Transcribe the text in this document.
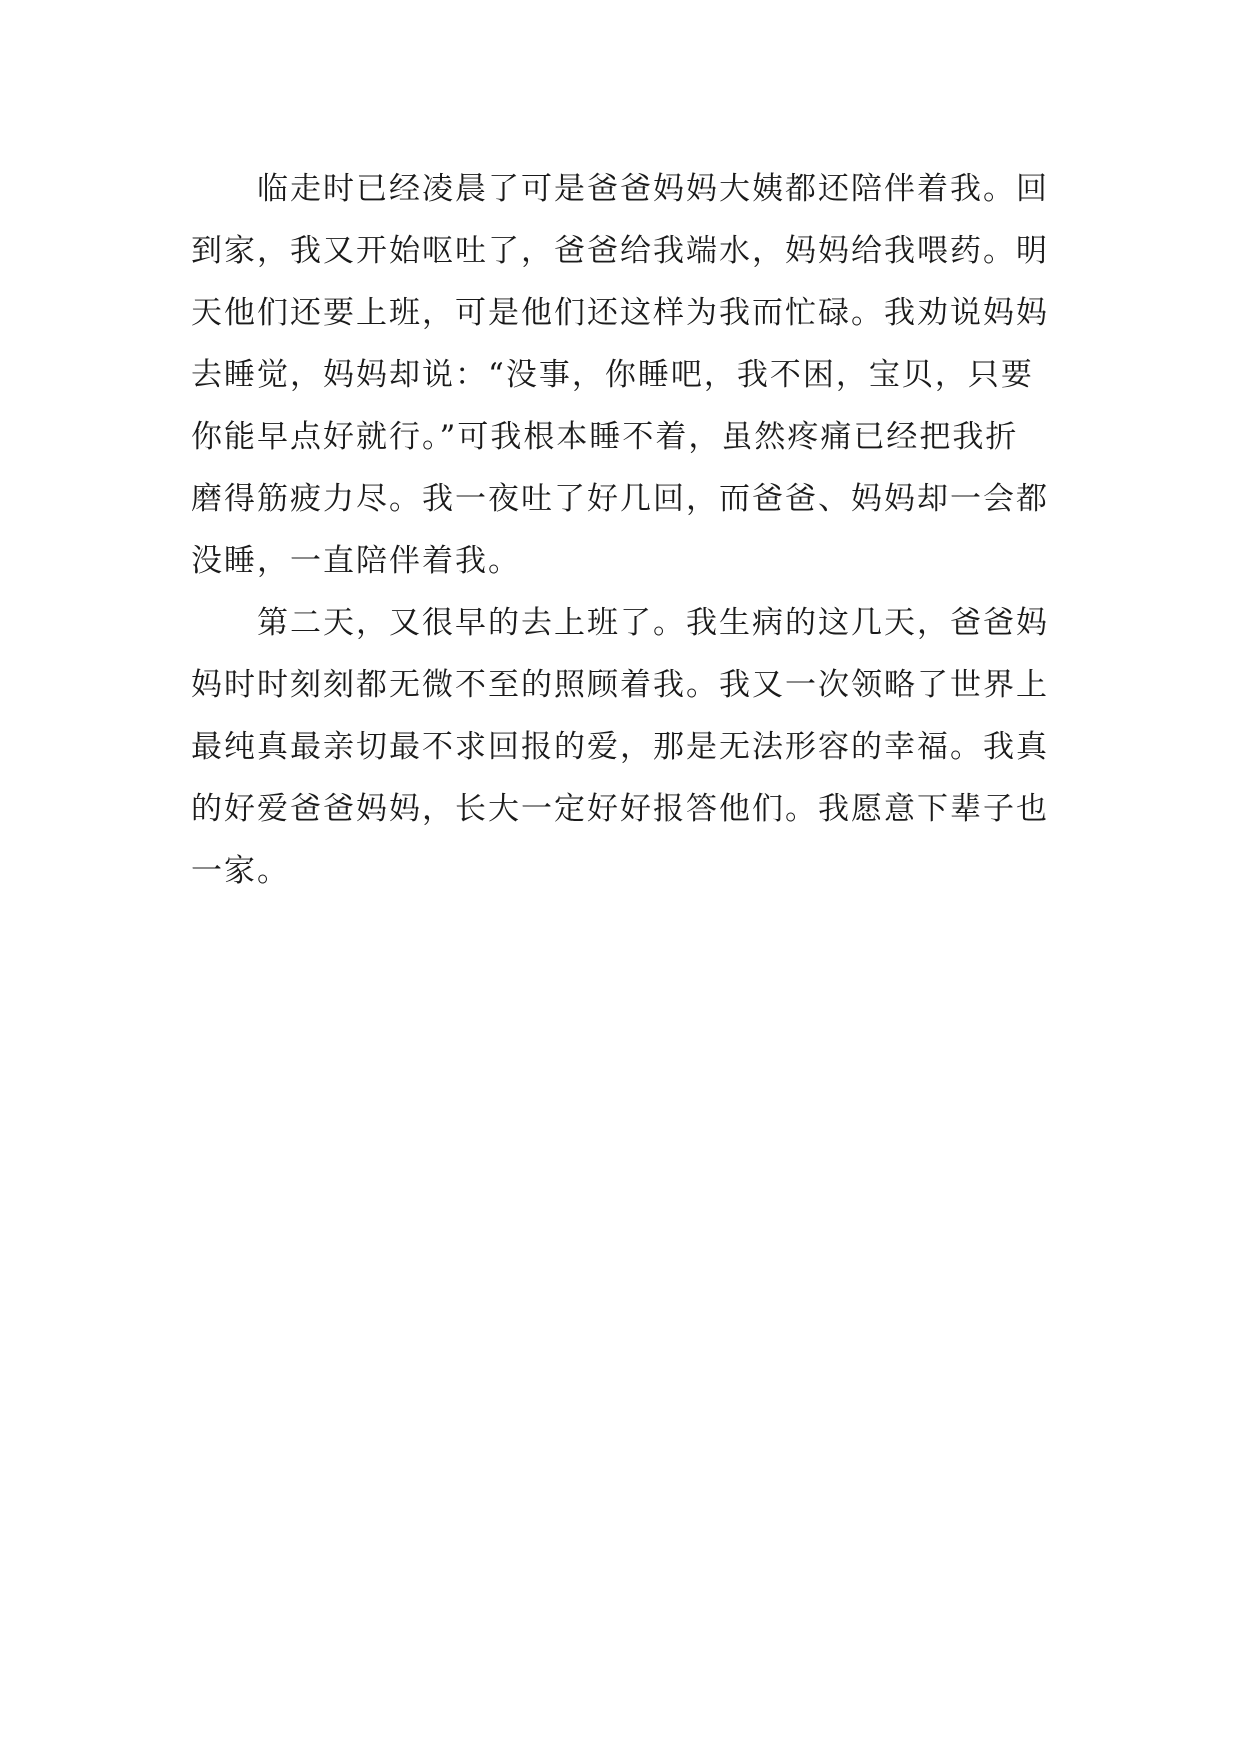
临走时已经凌晨了可是爸爸妈妈大姨都还陪伴着我。回
到家，我又开始呕吐了，爸爸给我端水，妈妈给我喂药。明
天他们还要上班，可是他们还这样为我而忙碌。我劝说妈妈
去睡觉，妈妈却说：“没事，你睡吧，我不困，宝贝，只要
你能早点好就行。”可我根本睡不着，虽然疼痛已经把我折
磨得筋疲力尽。我一夜吐了好几回，而爸爸、妈妈却一会都
没睡，一直陪伴着我。

第二天，又很早的去上班了。我生病的这几天，爸爸妈
妈时时刻刻都无微不至的照顾着我。我又一次领略了世界上
最纯真最亲切最不求回报的爱，那是无法形容的幸福。我真
的好爱爸爸妈妈，长大一定好好报答他们。我愿意下辈子也
一家。
